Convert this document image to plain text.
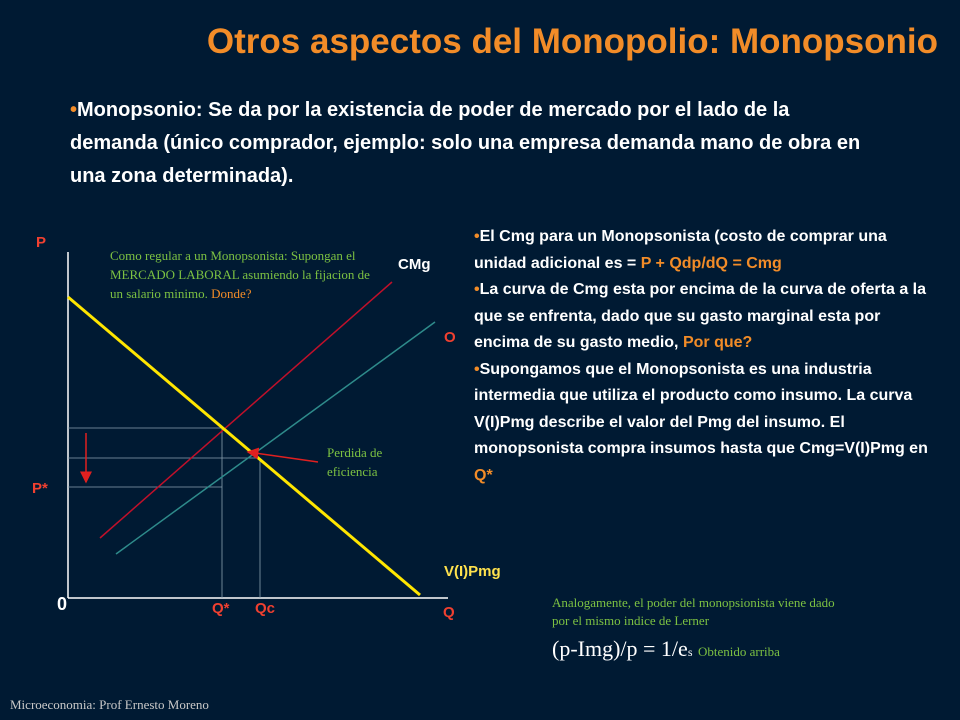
Otros aspectos del Monopolio: Monopsonio
•Monopsonio: Se da por la existencia de poder de mercado por el lado de la demanda (único comprador, ejemplo: solo una empresa demanda mano de obra en una zona determinada).

•El Cmg para un Monopsonista (costo de comprar una unidad adicional es = P + Qdp/dQ = Cmg

•La curva de Cmg esta por encima de la curva de oferta a la que se enfrenta, dado que su gasto marginal esta por encima de su gasto medio, Por que?

•Supongamos que el Monopsonista es una industria intermedia que utiliza el producto como insumo. La curva V(I)Pmg describe el valor del Pmg del insumo. El monopsonista compra insumos hasta que Cmg=V(I)Pmg en Q*

P
P*
0	Q* Qc	Q
CMg
O
V(I)Pmg
Como regular a un Monopsonista: Supongan el MERCADO LABORAL asumiendo la fijacion de un salario minimo. Donde?
Perdida de eficiencia
Analogamente, el poder del monopsionista viene dado por el mismo indice de Lerner
(p-Img)/p = 1/es Obtenido arriba
Microeconomia: Prof Ernesto Moreno
